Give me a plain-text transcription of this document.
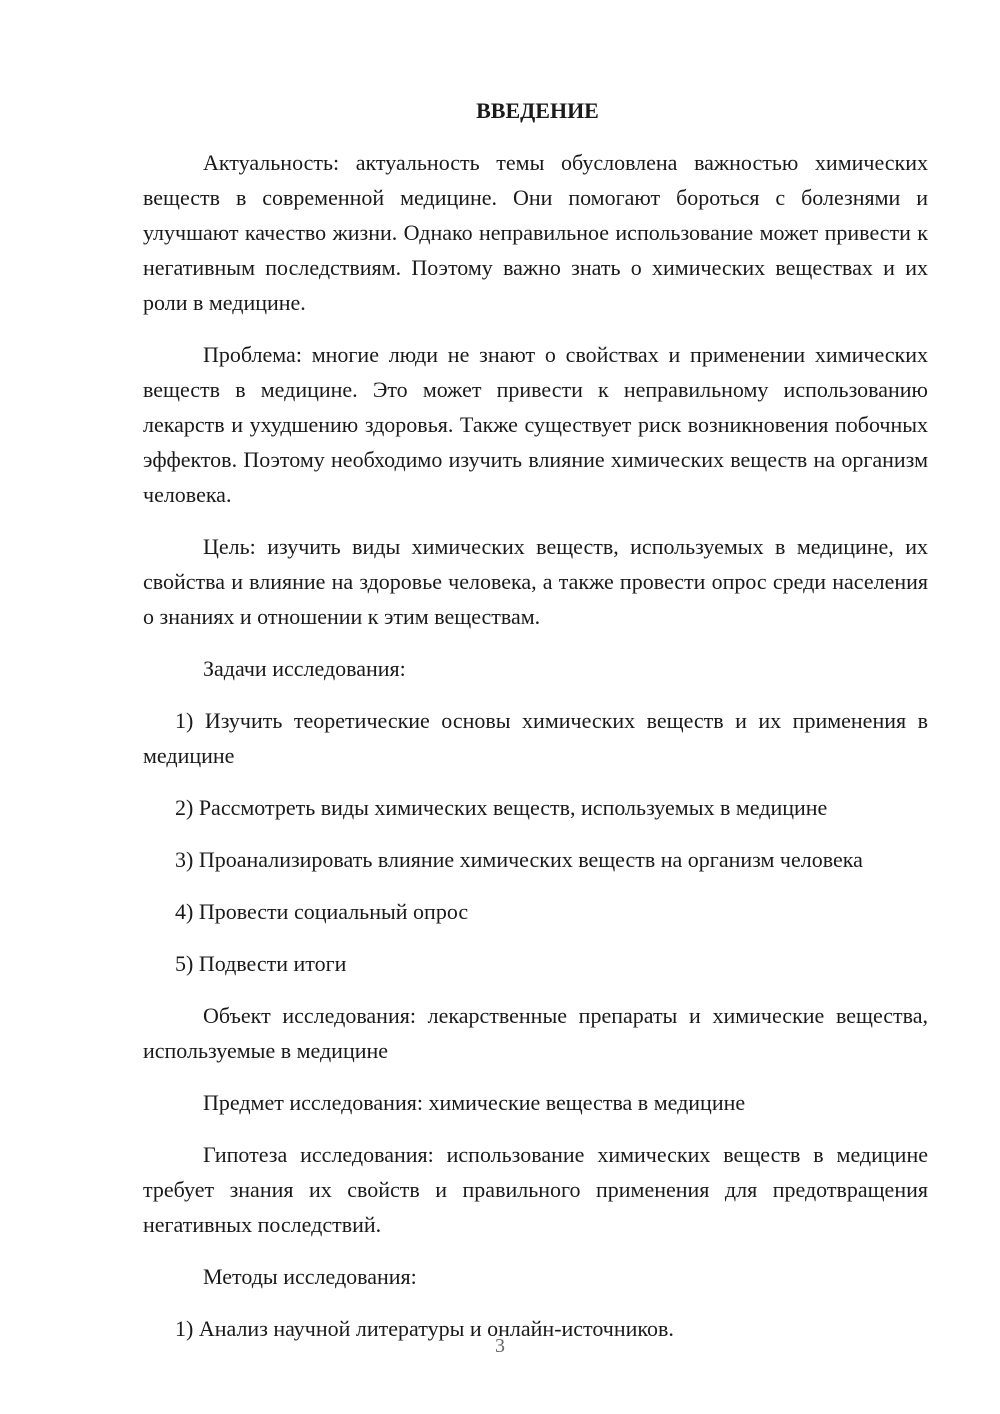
ВВЕДЕНИЕ

Актуальность: актуальность темы обусловлена важностью химических веществ в современной медицине. Они помогают бороться с болезнями и улучшают качество жизни. Однако неправильное использование может привести к негативным последствиям. Поэтому важно знать о химических веществах и их роли в медицине.

Проблема: многие люди не знают о свойствах и применении химических веществ в медицине. Это может привести к неправильному использованию лекарств и ухудшению здоровья. Также существует риск возникновения побочных эффектов. Поэтому необходимо изучить влияние химических веществ на организм человека.

Цель: изучить виды химических веществ, используемых в медицине, их свойства и влияние на здоровье человека, а также провести опрос среди населения о знаниях и отношении к этим веществам.

Задачи исследования:

1) Изучить теоретические основы химических веществ и их применения в медицине

2) Рассмотреть виды химических веществ, используемых в медицине

3) Проанализировать влияние химических веществ на организм человека

4) Провести социальный опрос

5) Подвести итоги

Объект исследования: лекарственные препараты и химические вещества, используемые в медицине

Предмет исследования: химические вещества в медицине

Гипотеза исследования: использование химических веществ в медицине требует знания их свойств и правильного применения для предотвращения негативных последствий.

Методы исследования:

1) Анализ научной литературы и онлайн-источников.

3
